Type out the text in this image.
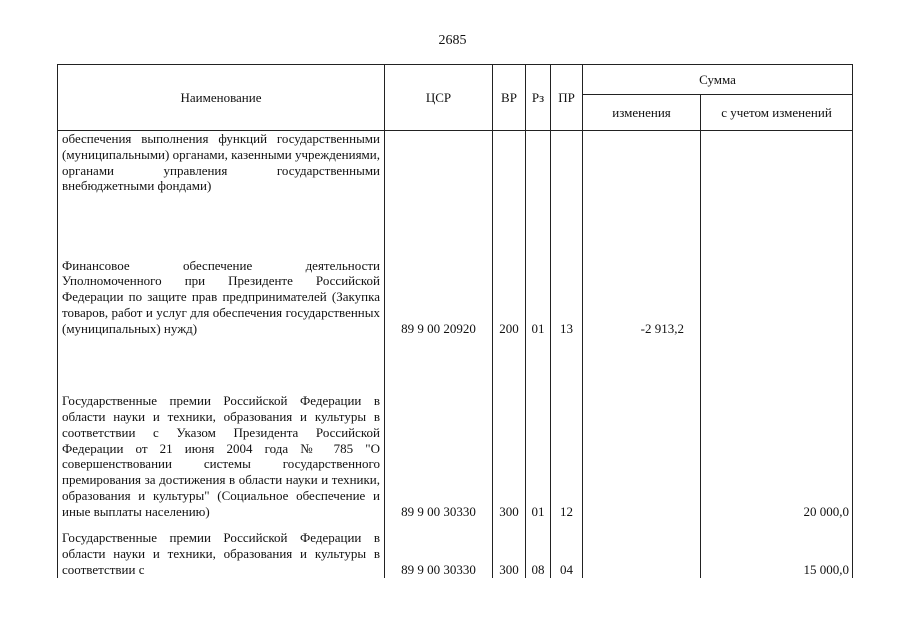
2685
Наименование	ЦСР	ВР	Рз	ПР	Сумма	
					изменения	с учетом изменений

обеспечения выполнения функций государственными (муниципальными) органами, казенными учреждениями, органами управления государственными внебюджетными фондами)						

Финансовое обеспечение деятельности Уполномоченного при Президенте Российской Федерации по защите прав предпринимателей (Закупка товаров, работ и услуг для обеспечения государственных (муниципальных) нужд)	89 9 00 20920	200	01	13	-2 913,2	

Государственные премии Российской Федерации в области науки и техники, образования и культуры в соответствии с Указом Президента Российской Федерации от 21 июня 2004 года № 785 "О совершенствовании системы государственного премирования за достижения в области науки и техники, образования и культуры" (Социальное обеспечение и иные выплаты населению)	89 9 00 30330	300	01	12		20 000,0

Государственные премии Российской Федерации в области науки и техники, образования и культуры в соответствии с	89 9 00 30330	300	08	04		15 000,0
